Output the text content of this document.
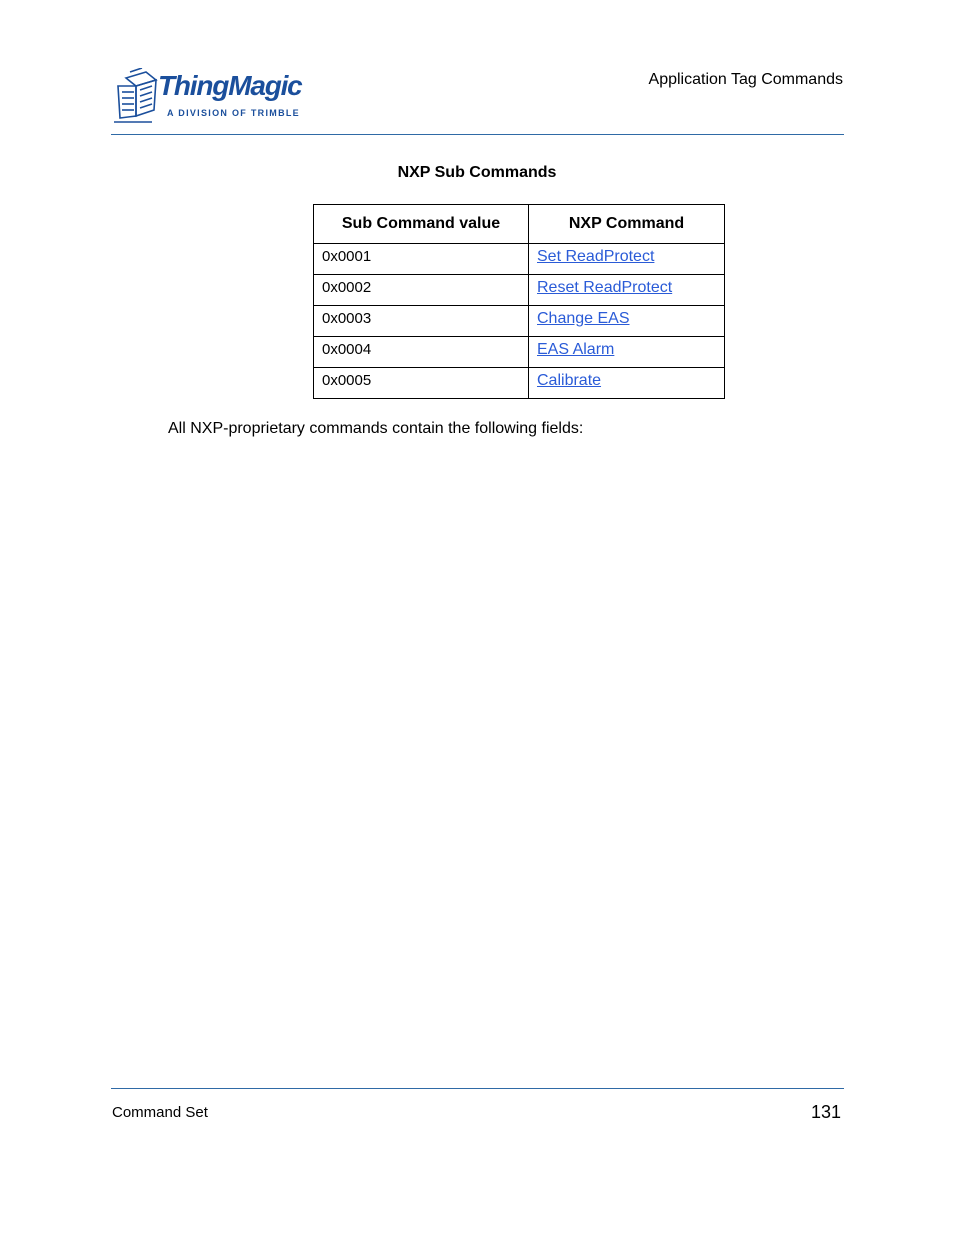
ThingMagic
A DIVISION OF TRIMBLE
Application Tag Commands
NXP Sub Commands
Sub Command value	NXP Command
0x0001	Set ReadProtect
0x0002	Reset ReadProtect
0x0003	Change EAS
0x0004	EAS Alarm
0x0005	Calibrate
All NXP-proprietary commands contain the following fields:
Command Set	131
